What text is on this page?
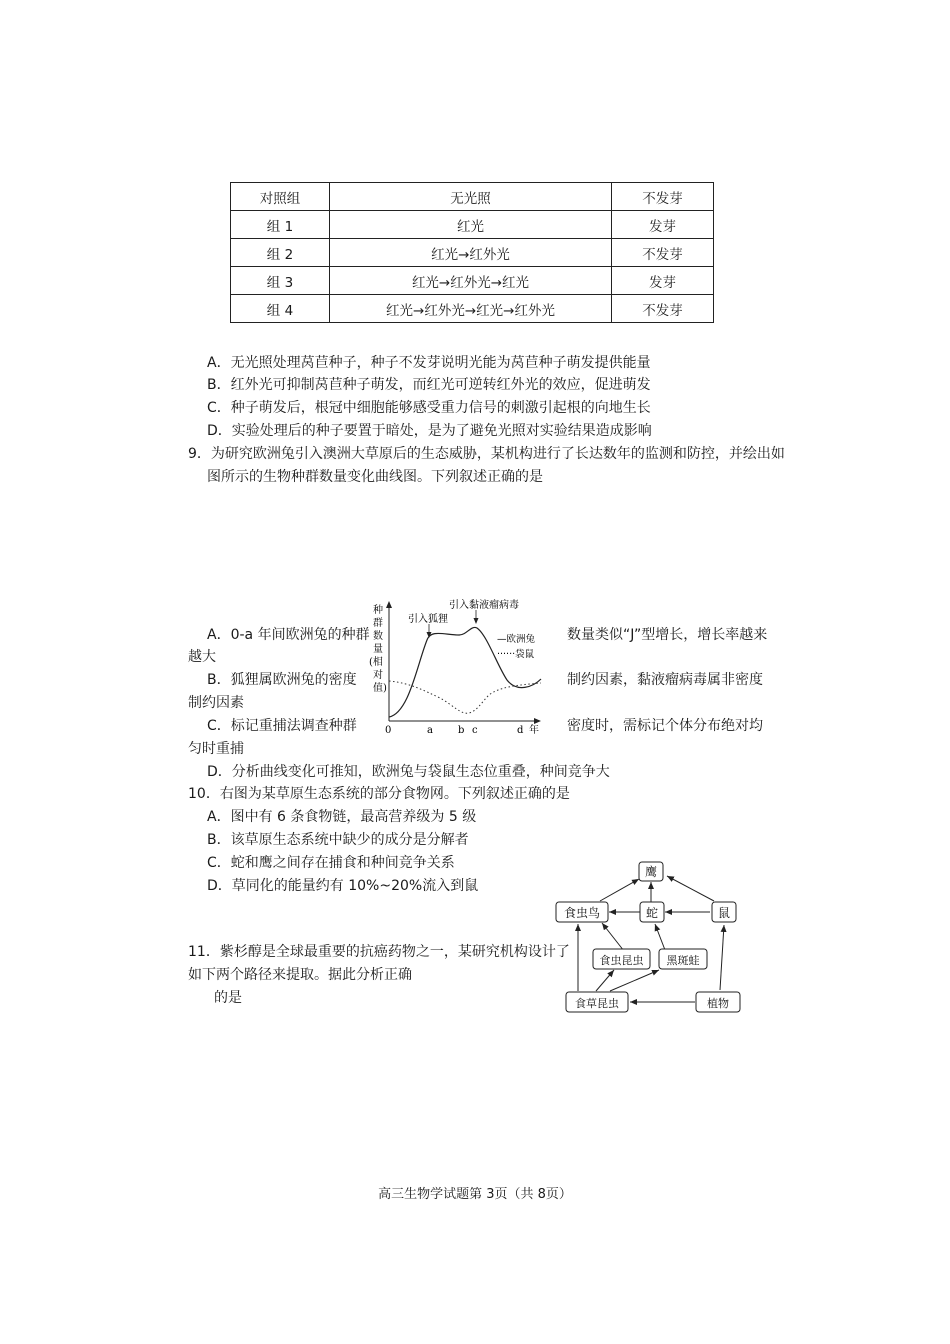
对照组	无光照	不发芽
组 1	红光	发芽
组 2	红光→红外光	不发芽
组 3	红光→红外光→红光	发芽
组 4	红光→红外光→红光→红外光	不发芽
A．无光照处理莴苣种子，种子不发芽说明光能为莴苣种子萌发提供能量
B．红外光可抑制莴苣种子萌发，而红光可逆转红外光的效应，促进萌发
C．种子萌发后，根冠中细胞能够感受重力信号的刺激引起根的向地生长
D．实验处理后的种子要置于暗处，是为了避免光照对实验结果造成影响
9．为研究欧洲兔引入澳洲大草原后的生态威胁，某机构进行了长达数年的监测和防控，并绘出如
图所示的生物种群数量变化曲线图。下列叙述正确的是
A．0-a 年间欧洲兔的种群	数量类似“J”型增长，增长率越来
越大
B．狐狸属欧洲兔的密度	制约因素，黏液瘤病毒属非密度
制约因素
C．标记重捕法调查种群	密度时，需标记个体分布绝对均
匀时重捕
D．分析曲线变化可推知，欧洲兔与袋鼠生态位重叠，种间竞争大
种
群
数
量
(相
对
值)
0	a	b c	d 年
引入狐狸
引入黏液瘤病毒
—欧洲兔
······袋鼠
10．右图为某草原生态系统的部分食物网。下列叙述正确的是
A．图中有 6 条食物链，最高营养级为 5 级
B．该草原生态系统中缺少的成分是分解者
C．蛇和鹰之间存在捕食和种间竞争关系
D．草同化的能量约有 10%~20%流入到鼠
鹰
食虫鸟	蛇	鼠
食虫昆虫 黑斑蛙
食草昆虫	植物
11．紫杉醇是全球最重要的抗癌药物之一，某研究机构设计了
如下两个路径来提取。据此分析正确
的是
高三生物学试题第 3页（共 8页）
